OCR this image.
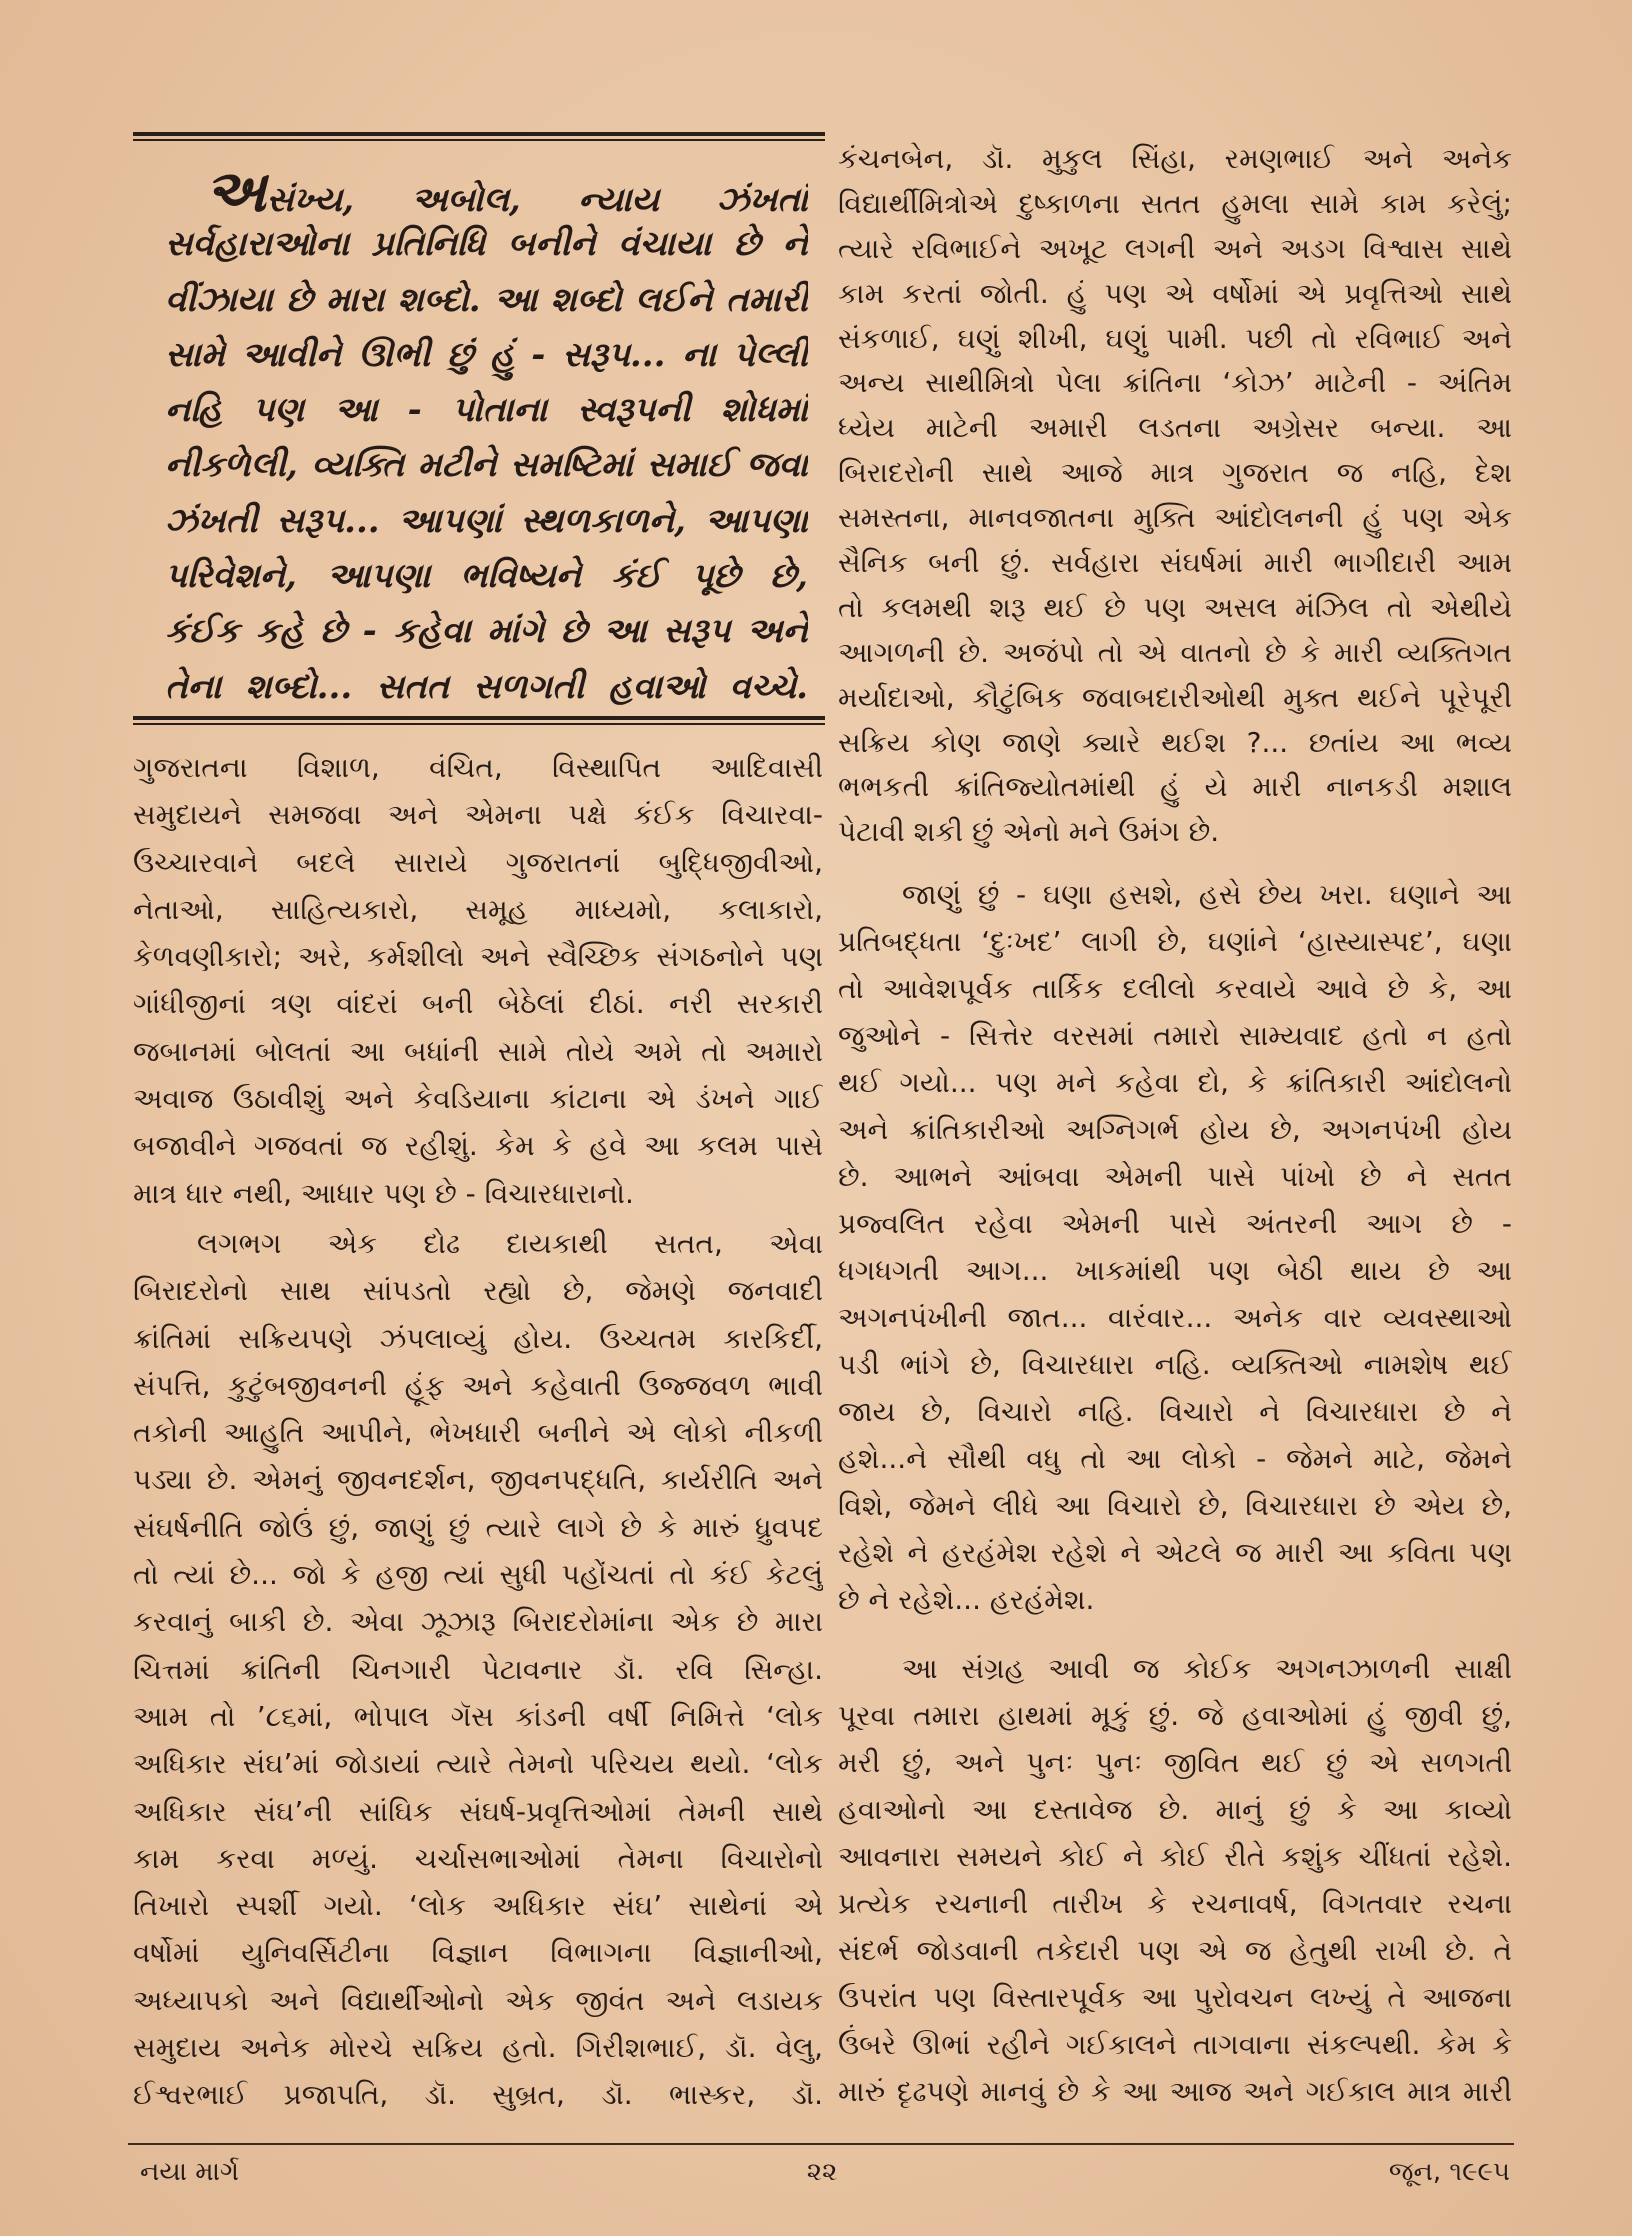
અસંખ્ય, અબોલ, ન્યાય ઝંખતાં
સર્વહારાઓના પ્રતિનિધિ બનીને વંચાયા છે ને
વીંઝાયા છે મારા શબ્દો. આ શબ્દો લઈને તમારી
સામે આવીને ઊભી છું હું - સરૂપ... ના પેલ્લી
નહિ પણ આ - પોતાના સ્વરૂપની શોધમાં
નીકળેલી, વ્યક્તિ મટીને સમષ્ટિમાં સમાઈ જવા
ઝંખતી સરૂપ... આપણાં સ્થળકાળને, આપણા
પરિવેશને, આપણા ભવિષ્યને કંઈ પૂછે છે,
કંઈક કહે છે - કહેવા માંગે છે આ સરૂપ અને
તેના શબ્દો... સતત સળગતી હવાઓ વચ્ચે.
ગુજરાતના વિશાળ, વંચિત, વિસ્થાપિત આદિવાસી
સમુદાયને સમજવા અને એમના પક્ષે કંઈક વિચારવા-
ઉચ્ચારવાને બદલે સારાયે ગુજરાતનાં બુદ્ધિજીવીઓ,
નેતાઓ, સાહિત્યકારો, સમૂહ માધ્યમો, કલાકારો,
કેળવણીકારો; અરે, કર્મશીલો અને સ્વૈચ્છિક સંગઠનોને પણ
ગાંધીજીનાં ત્રણ વાંદરાં બની બેઠેલાં દીઠાં. નરી સરકારી
જબાનમાં બોલતાં આ બધાંની સામે તોયે અમે તો અમારો
અવાજ ઉઠાવીશું અને કેવડિયાના કાંટાના એ ડંખને ગાઈ
બજાવીને ગજવતાં જ રહીશું. કેમ કે હવે આ કલમ પાસે
માત્ર ધાર નથી, આધાર પણ છે - વિચારધારાનો.
લગભગ એક દોઢ દાયકાથી સતત, એવા
બિરાદરોનો સાથ સાંપડતો રહ્યો છે, જેમણે જનવાદી
ક્રાંતિમાં સક્રિયપણે ઝંપલાવ્યું હોય. ઉચ્ચતમ કારકિર્દી,
સંપત્તિ, કુટુંબજીવનની હૂંફ અને કહેવાતી ઉજ્જવળ ભાવી
તકોની આહુતિ આપીને, ભેખધારી બનીને એ લોકો નીકળી
પડ્યા છે. એમનું જીવનદર્શન, જીવનપદ્ધતિ, કાર્યરીતિ અને
સંઘર્ષનીતિ જોઉં છું, જાણું છું ત્યારે લાગે છે કે મારું ધ્રુવપદ
તો ત્યાં છે... જો કે હજી ત્યાં સુધી પહોંચતાં તો કંઈ કેટલું
કરવાનું બાકી છે. એવા ઝૂઝારૂ બિરાદરોમાંના એક છે મારા
ચિત્તમાં ક્રાંતિની ચિનગારી પેટાવનાર ડૉ. રવિ સિન્હા.
આમ તો ’૮૬માં, ભોપાલ ગૅસ કાંડની વર્ષી નિમિત્તે ‘લોક
અધિકાર સંઘ’માં જોડાયાં ત્યારે તેમનો પરિચય થયો. ‘લોક
અધિકાર સંઘ’ની સાંઘિક સંઘર્ષ-પ્રવૃત્તિઓમાં તેમની સાથે
કામ કરવા મળ્યું. ચર્ચાસભાઓમાં તેમના વિચારોનો
તિખારો સ્પર્શી ગયો. ‘લોક અધિકાર સંઘ’ સાથેનાં એ
વર્ષોમાં યુનિવર્સિટીના વિજ્ઞાન વિભાગના વિજ્ઞાનીઓ,
અધ્યાપકો અને વિદ્યાર્થીઓનો એક જીવંત અને લડાયક
સમુદાય અનેક મોરચે સક્રિય હતો. ગિરીશભાઈ, ડૉ. વેલુ,
ઈશ્વરભાઈ પ્રજાપતિ, ડૉ. સુબ્રત, ડૉ. ભાસ્કર, ડૉ.
કંચનબેન, ડૉ. મુકુલ સિંહા, રમણભાઈ અને અનેક
વિદ્યાર્થીમિત્રોએ દુષ્કાળના સતત હુમલા સામે કામ કરેલું;
ત્યારે રવિભાઈને અખૂટ લગની અને અડગ વિશ્વાસ સાથે
કામ કરતાં જોતી. હું પણ એ વર્ષોમાં એ પ્રવૃત્તિઓ સાથે
સંકળાઈ, ઘણું શીખી, ઘણું પામી. પછી તો રવિભાઈ અને
અન્ય સાથીમિત્રો પેલા ક્રાંતિના ‘કોઝ’ માટેની - અંતિમ
ધ્યેય માટેની અમારી લડતના અગ્રેસર બન્યા. આ
બિરાદરોની સાથે આજે માત્ર ગુજરાત જ નહિ, દેશ
સમસ્તના, માનવજાતના મુક્તિ આંદોલનની હું પણ એક
સૈનિક બની છું. સર્વહારા સંઘર્ષમાં મારી ભાગીદારી આમ
તો કલમથી શરૂ થઈ છે પણ અસલ મંઝિલ તો એથીયે
આગળની છે. અજંપો તો એ વાતનો છે કે મારી વ્યક્તિગત
મર્યાદાઓ, કૌટુંબિક જવાબદારીઓથી મુક્ત થઈને પૂરેપૂરી
સક્રિય કોણ જાણે ક્યારે થઈશ ?... છતાંય આ ભવ્ય
ભભકતી ક્રાંતિજ્યોતમાંથી હું યે મારી નાનકડી મશાલ
પેટાવી શકી છું એનો મને ઉમંગ છે.
જાણું છું - ઘણા હસશે, હસે છેય ખરા. ઘણાને આ
પ્રતિબદ્ધતા ‘દુઃખદ’ લાગી છે, ઘણાંને ‘હાસ્યાસ્પદ’, ઘણા
તો આવેશપૂર્વક તાર્કિક દલીલો કરવાયે આવે છે કે, આ
જુઓને - સિત્તેર વરસમાં તમારો સામ્યવાદ હતો ન હતો
થઈ ગયો... પણ મને કહેવા દો, કે ક્રાંતિકારી આંદોલનો
અને ક્રાંતિકારીઓ અગ્નિગર્ભ હોય છે, અગનપંખી હોય
છે. આભને આંબવા એમની પાસે પાંખો છે ને સતત
પ્રજ્વલિત રહેવા એમની પાસે અંતરની આગ છે -
ધગધગતી આગ... ખાકમાંથી પણ બેઠી થાય છે આ
અગનપંખીની જાત... વારંવાર... અનેક વાર વ્યવસ્થાઓ
પડી ભાંગે છે, વિચારધારા નહિ. વ્યક્તિઓ નામશેષ થઈ
જાય છે, વિચારો નહિ. વિચારો ને વિચારધારા છે ને
હશે...ને સૌથી વધુ તો આ લોકો - જેમને માટે, જેમને
વિશે, જેમને લીધે આ વિચારો છે, વિચારધારા છે એય છે,
રહેશે ને હરહંમેશ રહેશે ને એટલે જ મારી આ કવિતા પણ
છે ને રહેશે... હરહંમેશ.
આ સંગ્રહ આવી જ કોઈક અગનઝાળની સાક્ષી
પૂરવા તમારા હાથમાં મૂકું છું. જે હવાઓમાં હું જીવી છું,
મરી છું, અને પુનઃ પુનઃ જીવિત થઈ છું એ સળગતી
હવાઓનો આ દસ્તાવેજ છે. માનું છું કે આ કાવ્યો
આવનારા સમયને કોઈ ને કોઈ રીતે કશુંક ચીંધતાં રહેશે.
પ્રત્યેક રચનાની તારીખ કે રચનાવર્ષ, વિગતવાર રચના
સંદર્ભ જોડવાની તકેદારી પણ એ જ હેતુથી રાખી છે. તે
ઉપરાંત પણ વિસ્તારપૂર્વક આ પુરોવચન લખ્યું તે આજના
ઉંબરે ઊભાં રહીને ગઈકાલને તાગવાના સંકલ્પથી. કેમ કે
મારું દૃઢપણે માનવું છે કે આ આજ અને ગઈકાલ માત્ર મારી
નયા માર્ગ	૨૨	જૂન, ૧૯૯૫
